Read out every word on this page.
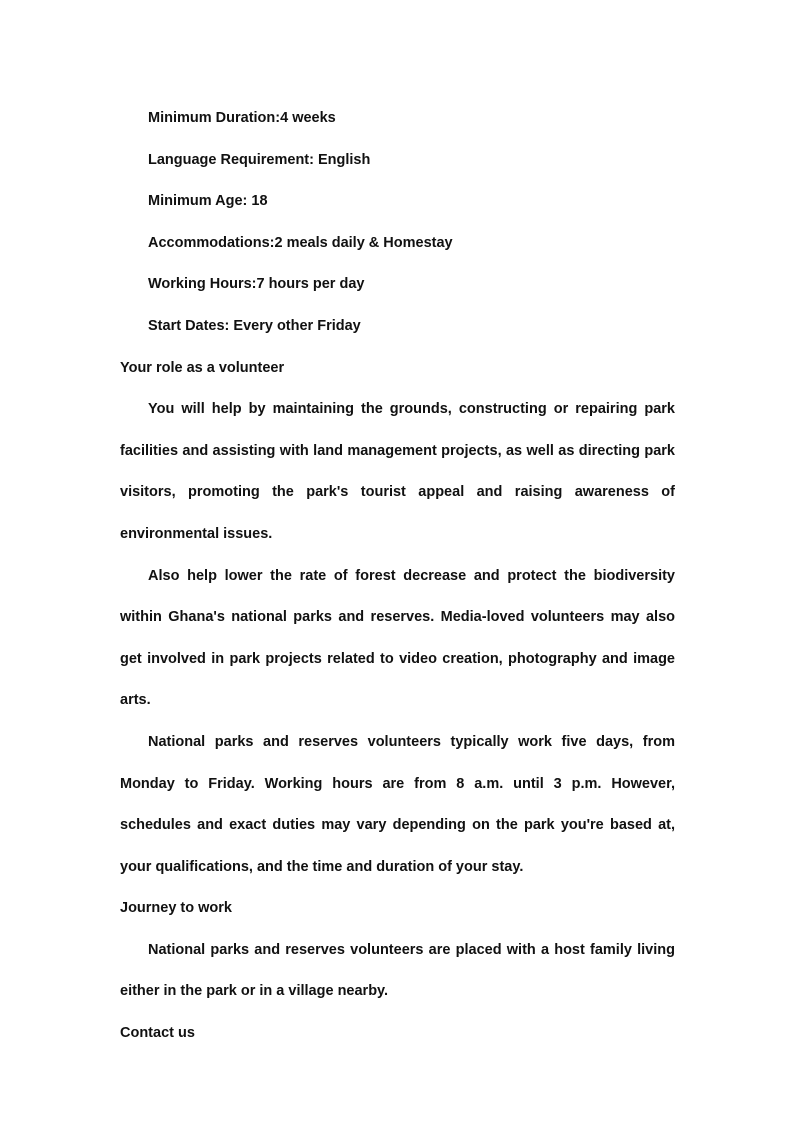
Minimum Duration:4 weeks

Language Requirement: English

Minimum Age: 18

Accommodations:2 meals daily & Homestay

Working Hours:7 hours per day

Start Dates: Every other Friday

Your role as a volunteer

You will help by maintaining the grounds, constructing or repairing park facilities and assisting with land management projects, as well as directing park visitors, promoting the park's tourist appeal and raising awareness of environmental issues.

Also help lower the rate of forest decrease and protect the biodiversity within Ghana's national parks and reserves. Media-loved volunteers may also get involved in park projects related to video creation, photography and image arts.

National parks and reserves volunteers typically work five days, from Monday to Friday. Working hours are from 8 a.m. until 3 p.m. However, schedules and exact duties may vary depending on the park you're based at, your qualifications, and the time and duration of your stay.

Journey to work

National parks and reserves volunteers are placed with a host family living either in the park or in a village nearby.

Contact us
